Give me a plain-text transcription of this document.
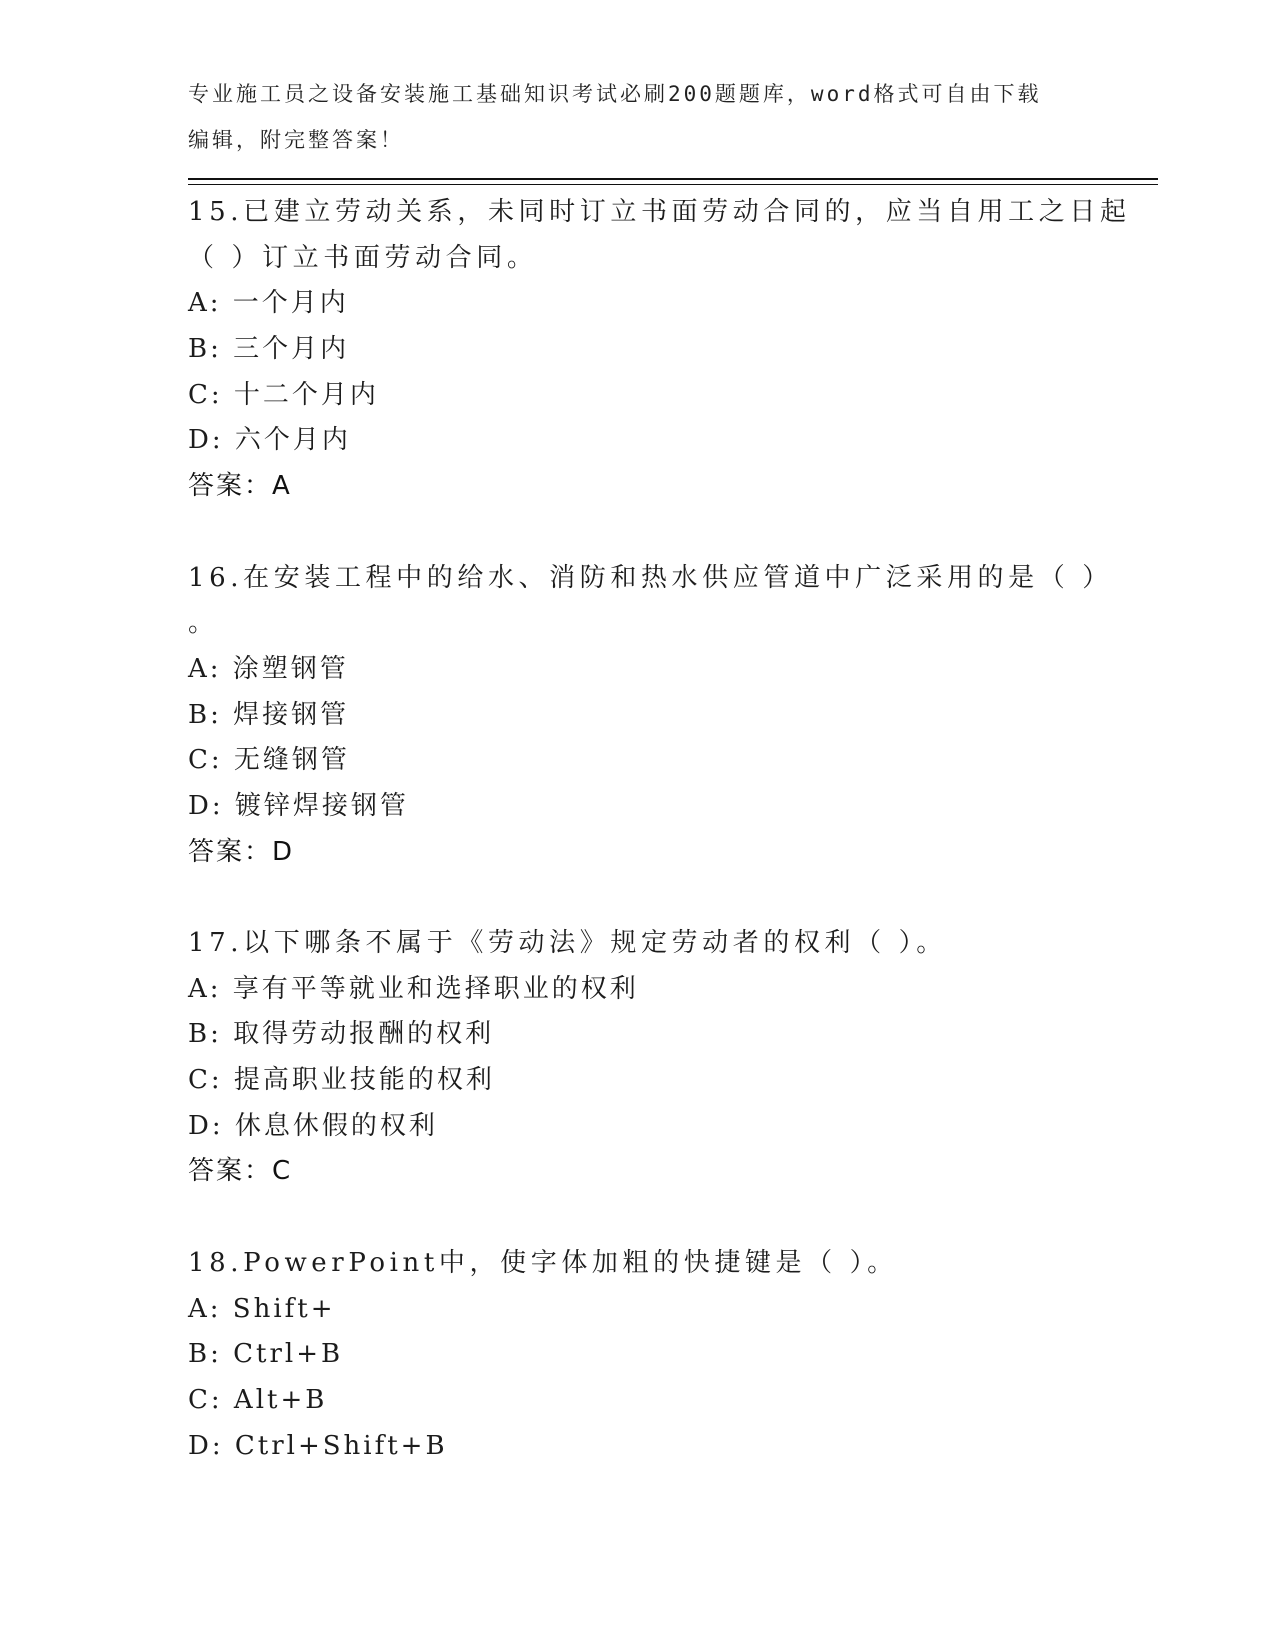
专业施工员之设备安装施工基础知识考试必刷200题题库，word格式可自由下载
编辑，附完整答案！
15.已建立劳动关系，未同时订立书面劳动合同的，应当自用工之日起
（ ）订立书面劳动合同。
A: 一个月内
B: 三个月内
C: 十二个月内
D: 六个月内
答案：A
16.在安装工程中的给水、消防和热水供应管道中广泛采用的是（ ）
。
A: 涂塑钢管
B: 焊接钢管
C: 无缝钢管
D: 镀锌焊接钢管
答案：D
17.以下哪条不属于《劳动法》规定劳动者的权利（ ）。
A: 享有平等就业和选择职业的权利
B: 取得劳动报酬的权利
C: 提高职业技能的权利
D: 休息休假的权利
答案：C
18.PowerPoint中，使字体加粗的快捷键是（ ）。
A: Shift+
B: Ctrl+B
C: Alt+B
D: Ctrl+Shift+B
